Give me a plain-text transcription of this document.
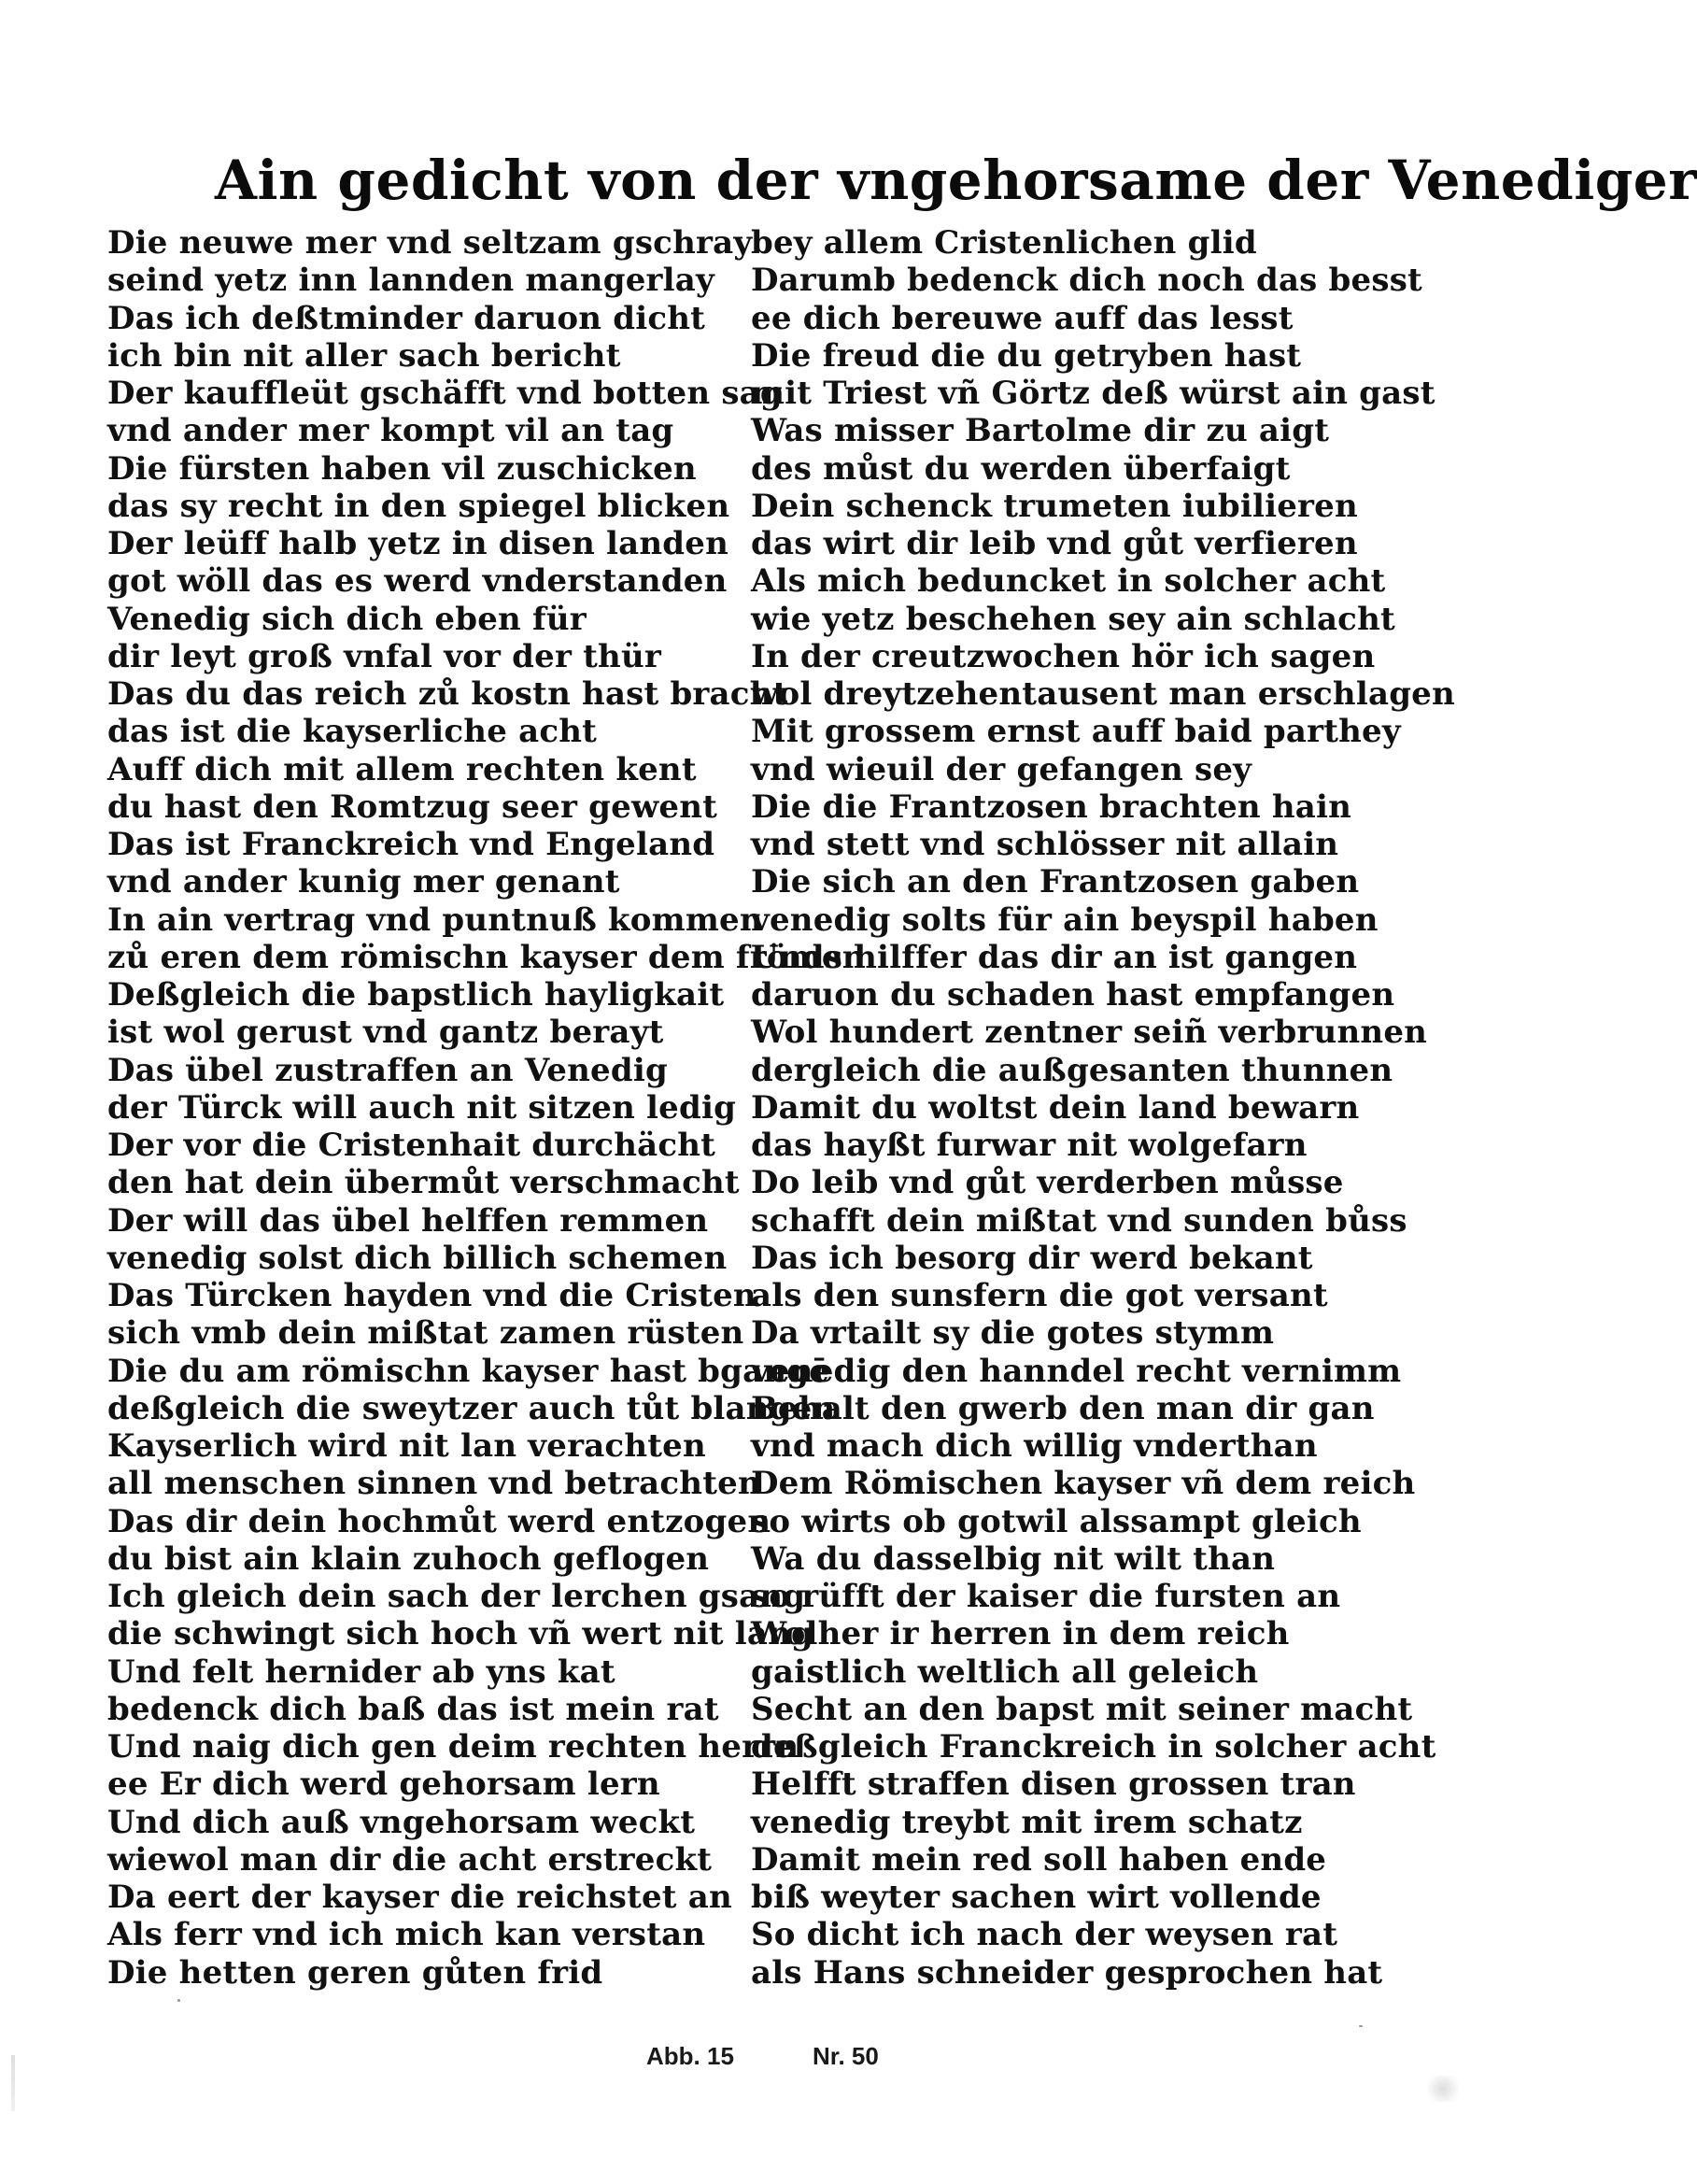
Ain gedicht von der vngehorsame der Venediger
Die neuwe mer vnd seltzam gschray
seind yetz inn lannden mangerlay
Das ich deßtminder daruon dicht
ich bin nit aller sach bericht
Der kauffleüt gschäfft vnd botten sag
vnd ander mer kompt vil an tag
Die fürsten haben vil zuschicken
das sy recht in den spiegel blicken
Der leüff halb yetz in disen landen
got wöll das es werd vnderstanden
Venedig sich dich eben für
dir leyt groß vnfal vor der thür
Das du das reich zů kostn hast bracht
das ist die kayserliche acht
Auff dich mit allem rechten kent
du hast den Romtzug seer gewent
Das ist Franckreich vnd Engeland
vnd ander kunig mer genant
In ain vertrag vnd puntnuß kommen
zů eren dem römischn kayser dem frömen
Deßgleich die bapstlich hayligkait
ist wol gerust vnd gantz berayt
Das übel zustraffen an Venedig
der Türck will auch nit sitzen ledig
Der vor die Cristenhait durchächt
den hat dein übermůt verschmacht
Der will das übel helffen remmen
venedig solst dich billich schemen
Das Türcken hayden vnd die Cristen
sich vmb dein mißtat zamen rüsten
Die du am römischn kayser hast bgangē
deßgleich die sweytzer auch tůt blangen
Kayserlich wird nit lan verachten
all menschen sinnen vnd betrachten
Das dir dein hochmůt werd entzogen
du bist ain klain zuhoch geflogen
Ich gleich dein sach der lerchen gsang
die schwingt sich hoch vñ wert nit lang
Und felt hernider ab yns kat
bedenck dich baß das ist mein rat
Und naig dich gen deim rechten herrn
ee Er dich werd gehorsam lern
Und dich auß vngehorsam weckt
wiewol man dir die acht erstreckt
Da eert der kayser die reichstet an
Als ferr vnd ich mich kan verstan
Die hetten geren gůten frid
bey allem Cristenlichen glid
Darumb bedenck dich noch das besst
ee dich bereuwe auff das lesst
Die freud die du getryben hast
mit Triest vñ Görtz deß würst ain gast
Was misser Bartolme dir zu aigt
des můst du werden überfaigt
Dein schenck trumeten iubilieren
das wirt dir leib vnd gůt verfieren
Als mich beduncket in solcher acht
wie yetz beschehen sey ain schlacht
In der creutzwochen hör ich sagen
wol dreytzehentausent man erschlagen
Mit grossem ernst auff baid parthey
vnd wieuil der gefangen sey
Die die Frantzosen brachten hain
vnd stett vnd schlösser nit allain
Die sich an den Frantzosen gaben
venedig solts für ain beyspil haben
Unds hilffer das dir an ist gangen
daruon du schaden hast empfangen
Wol hundert zentner seiñ verbrunnen
dergleich die außgesanten thunnen
Damit du woltst dein land bewarn
das hayßt furwar nit wolgefarn
Do leib vnd gůt verderben můsse
schafft dein mißtat vnd sunden bůss
Das ich besorg dir werd bekant
als den sunsfern die got versant
Da vrtailt sy die gotes stymm
venedig den hanndel recht vernimm
Behalt den gwerb den man dir gan
vnd mach dich willig vnderthan
Dem Römischen kayser vñ dem reich
so wirts ob gotwil alssampt gleich
Wa du dasselbig nit wilt than
so rüfft der kaiser die fursten an
Wolher ir herren in dem reich
gaistlich weltlich all geleich
Secht an den bapst mit seiner macht
deßgleich Franckreich in solcher acht
Helfft straffen disen grossen tran
venedig treybt mit irem schatz
Damit mein red soll haben ende
biß weyter sachen wirt vollende
So dicht ich nach der weysen rat
als Hans schneider gesprochen hat
Abb. 15	Nr. 50
